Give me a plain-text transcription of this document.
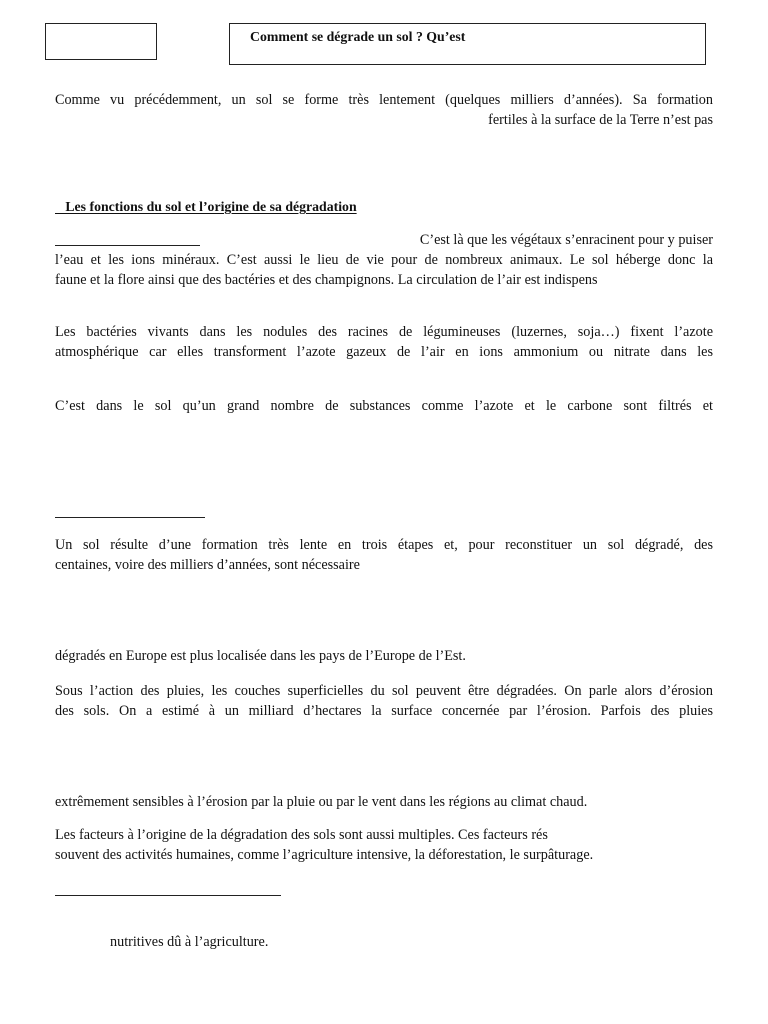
Comment se dégrade un sol ? Qu’est
Comme vu précédemment, un sol se forme très lentement (quelques milliers d’années). Sa formation
fertiles à la surface de la Terre n’est pas
Les fonctions du sol et l’origine de sa dégradation
C’est là que les végétaux s’enracinent pour y puiser
l’eau et les ions minéraux. C’est aussi le lieu de vie pour de nombreux animaux. Le sol héberge donc la
faune et la flore ainsi que des bactéries et des champignons. La circulation de l’air est indispens
Les bactéries vivants dans les nodules des racines de légumineuses (luzernes, soja…) fixent l’azote
atmosphérique car elles transforment l’azote gazeux de l’air en ions ammonium ou nitrate dans les
C’est dans le sol qu’un grand nombre de substances comme l’azote et le carbone sont filtrés et
Un sol résulte d’une formation très lente en trois étapes et, pour reconstituer un sol dégradé, des
centaines, voire des milliers d’années, sont nécessaire
dégradés en Europe est plus localisée dans les pays de l’Europe de l’Est.
Sous l’action des pluies, les couches superficielles du sol peuvent être dégradées. On parle alors d’érosion
des sols. On a estimé à un milliard d’hectares la surface concernée par l’érosion. Parfois des pluies
extrêmement sensibles à l’érosion par la pluie ou par le vent dans les régions au climat chaud.
Les facteurs à l’origine de la dégradation des sols sont aussi multiples. Ces facteurs rés
souvent des activités humaines, comme l’agriculture intensive, la déforestation, le surpâturage.
nutritives dû à l’agriculture.
